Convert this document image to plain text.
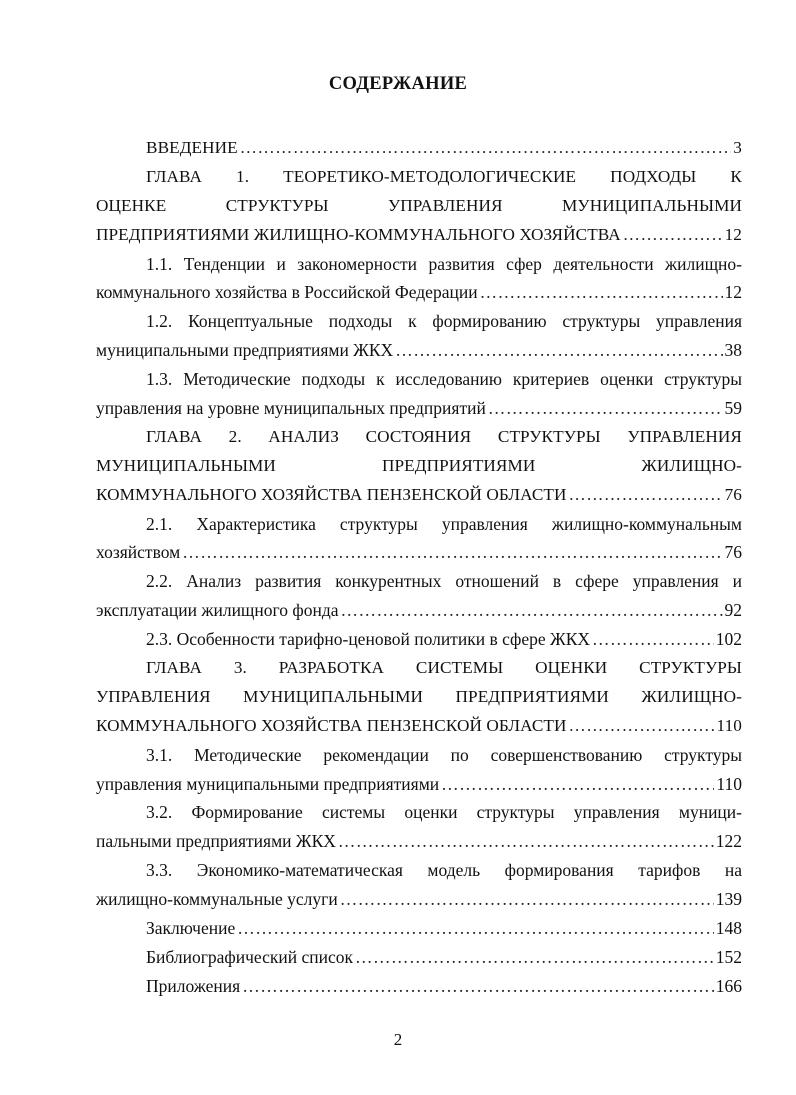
СОДЕРЖАНИЕ
ВВЕДЕНИЕ ………………………………………………………………………………………………………………………………………………………………………………………………………………………	3
ГЛАВА 1. ТЕОРЕТИКО-МЕТОДОЛОГИЧЕСКИЕ ПОДХОДЫ К
ОЦЕНКЕ СТРУКТУРЫ УПРАВЛЕНИЯ МУНИЦИПАЛЬНЫМИ
ПРЕДПРИЯТИЯМИ ЖИЛИЩНО-КОММУНАЛЬНОГО ХОЗЯЙСТВА ………………………………………………………………………………………………………………………………………………………………………………………………………………………	12
1.1. Тенденции и закономерности развития сфер деятельности жилищно-
коммунального хозяйства в Российской Федерации ………………………………………………………………………………………………………………………………………………………………………………………………………………………	12
1.2. Концептуальные подходы к формированию структуры управления
муниципальными предприятиями ЖКХ ………………………………………………………………………………………………………………………………………………………………………………………………………………………	38
1.3. Методические подходы к исследованию критериев оценки структуры
управления на уровне муниципальных предприятий ………………………………………………………………………………………………………………………………………………………………………………………………………………………	59
ГЛАВА 2. АНАЛИЗ СОСТОЯНИЯ СТРУКТУРЫ УПРАВЛЕНИЯ
МУНИЦИПАЛЬНЫМИ ПРЕДПРИЯТИЯМИ ЖИЛИЩНО-
КОММУНАЛЬНОГО ХОЗЯЙСТВА ПЕНЗЕНСКОЙ ОБЛАСТИ ………………………………………………………………………………………………………………………………………………………………………………………………………………………	76
2.1. Характеристика структуры управления жилищно-коммунальным
хозяйством ………………………………………………………………………………………………………………………………………………………………………………………………………………………	76
2.2. Анализ развития конкурентных отношений в сфере управления и
эксплуатации жилищного фонда ………………………………………………………………………………………………………………………………………………………………………………………………………………………	92
2.3. Особенности тарифно-ценовой политики в сфере ЖКХ ………………………………………………………………………………………………………………………………………………………………………………………………………………………	102
ГЛАВА 3. РАЗРАБОТКА СИСТЕМЫ ОЦЕНКИ СТРУКТУРЫ
УПРАВЛЕНИЯ МУНИЦИПАЛЬНЫМИ ПРЕДПРИЯТИЯМИ ЖИЛИЩНО-
КОММУНАЛЬНОГО ХОЗЯЙСТВА ПЕНЗЕНСКОЙ ОБЛАСТИ ………………………………………………………………………………………………………………………………………………………………………………………………………………………	110
3.1. Методические рекомендации по совершенствованию структуры
управления муниципальными предприятиями ………………………………………………………………………………………………………………………………………………………………………………………………………………………	110
3.2. Формирование системы оценки структуры управления муници-
пальными предприятиями ЖКХ ………………………………………………………………………………………………………………………………………………………………………………………………………………………	122
3.3. Экономико-математическая модель формирования тарифов на
жилищно-коммунальные услуги ………………………………………………………………………………………………………………………………………………………………………………………………………………………	139
Заключение ………………………………………………………………………………………………………………………………………………………………………………………………………………………	148
Библиографический список ………………………………………………………………………………………………………………………………………………………………………………………………………………………	152
Приложения ………………………………………………………………………………………………………………………………………………………………………………………………………………………	166
2
